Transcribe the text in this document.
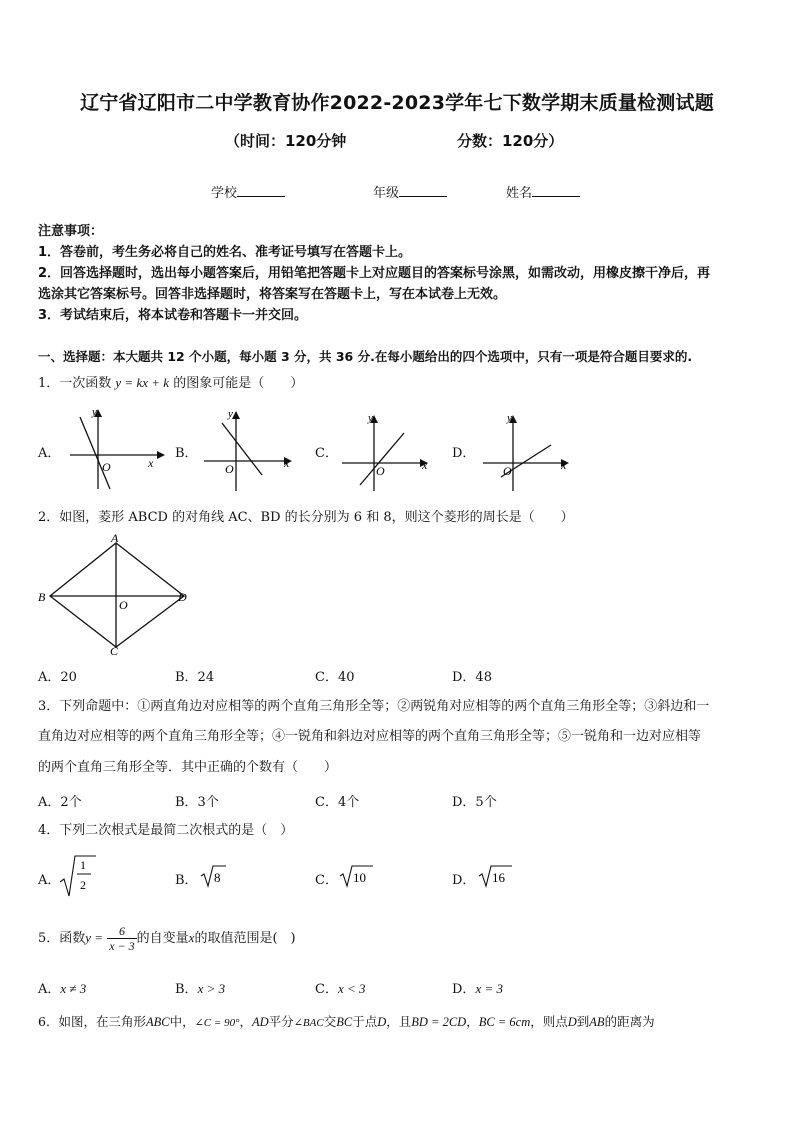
辽宁省辽阳市二中学教育协作2022-2023学年七下数学期末质量检测试题
（时间：120分钟	分数：120分）
学校	年级	姓名
注意事项：
1．答卷前，考生务必将自己的姓名、准考证号填写在答题卡上。
2．回答选择题时，选出每小题答案后，用铅笔把答题卡上对应题目的答案标号涂黑，如需改动，用橡皮擦干净后，再
选涂其它答案标号。回答非选择题时，将答案写在答题卡上，写在本试卷上无效。
3．考试结束后，将本试卷和答题卡一并交回。
一、选择题：本大题共 12 个小题，每小题 3 分，共 36 分.在每小题给出的四个选项中，只有一项是符合题目要求的.
1．一次函数 y = kx + k 的图象可能是（　　）
A．
y
x
O
B．
y
x
O
C．
y
x
O
D．
y
x
O
2．如图，菱形 ABCD 的对角线 AC、BD 的长分别为 6 和 8，则这个菱形的周长是（　　）
A
B
C
D
O
A．20	B．24	C．40	D．48
3．下列命题中：①两直角边对应相等的两个直角三角形全等；②两锐角对应相等的两个直角三角形全等；③斜边和一
直角边对应相等的两个直角三角形全等；④一锐角和斜边对应相等的两个直角三角形全等；⑤一锐角和一边对应相等
的两个直角三角形全等．其中正确的个数有（　　）
A．2个	B．3个	C．4个	D．5个
4．下列二次根式是最简二次根式的是（　）
A．
1
2	B． 8	C． 10	D． 16
5．函数$y = \frac{6}{x - 3}$ 的自变量x的取值范围是(　)
A．x ≠ 3	B．x > 3	C．x < 3	D．x = 3
6．如图，在三角形ABC中，∠C = 90°，AD平分∠BAC交BC于点D，且BD = 2CD，BC = 6cm，则点D到AB的距离为
